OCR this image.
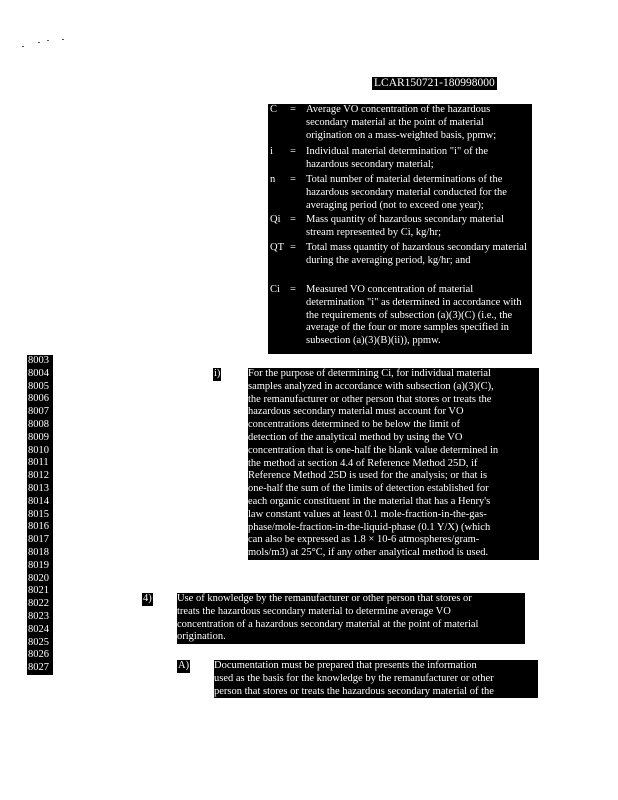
LCAR150721-180998000
C̄ = Average VO concentration of the hazardous secondary material at the point of material origination on a mass-weighted basis, ppmw;
i = Individual material determination "i" of the hazardous secondary material;
n = Total number of material determinations of the hazardous secondary material conducted for the averaging period (not to exceed one year);
Qi = Mass quantity of hazardous secondary material stream represented by Ci, kg/hr;
QT = Total mass quantity of hazardous secondary material during the averaging period, kg/hr; and
Ci = Measured VO concentration of material determination "i" as determined in accordance with the requirements of subsection (a)(3)(C) (i.e., the average of the four or more samples specified in subsection (a)(3)(B)(ii)), ppmw.
8003
8004
8005
8006
8007
8008
8009
8010
8011
8012
8013
8014
8015
8016
8017
8018
8019
8020
8021
8022
8023
8024
8025
8026
8027
i)	For the purpose of determining Ci, for individual material
samples analyzed in accordance with subsection (a)(3)(C),
the remanufacturer or other person that stores or treats the
hazardous secondary material must account for VO
concentrations determined to be below the limit of
detection of the analytical method by using the VO
concentration that is one-half the blank value determined in
the method at section 4.4 of Reference Method 25D, if
Reference Method 25D is used for the analysis; or that is
one-half the sum of the limits of detection established for
each organic constituent in the material that has a Henry's
law constant values at least 0.1 mole-fraction-in-the-gas-
phase/mole-fraction-in-the-liquid-phase (0.1 Y/X) (which
can also be expressed as 1.8 × 10-6 atmospheres/gram-
mols/m3) at 25°C, if any other analytical method is used.
4) Use of knowledge by the remanufacturer or other person that stores or
treats the hazardous secondary material to determine average VO
concentration of a hazardous secondary material at the point of material
origination.
A) Documentation must be prepared that presents the information
used as the basis for the knowledge by the remanufacturer or other
person that stores or treats the hazardous secondary material of the
